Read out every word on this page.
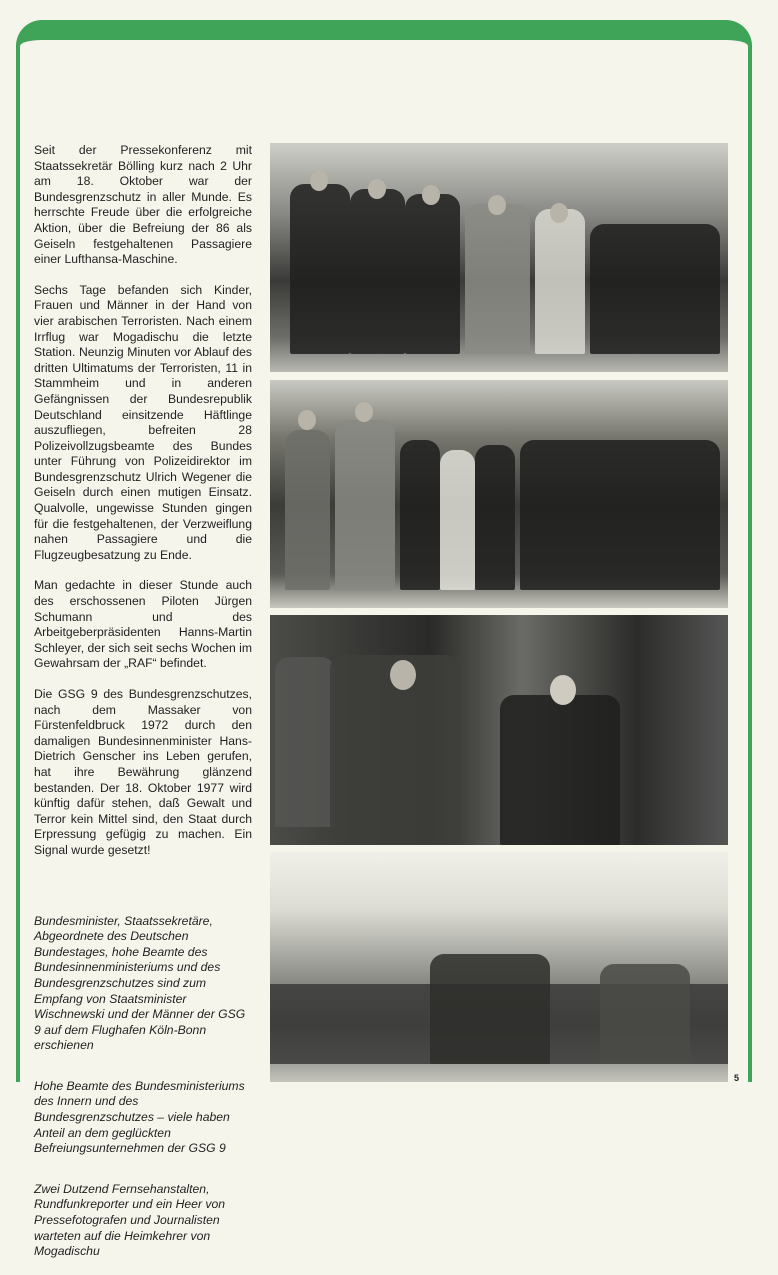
Seit der Pressekonferenz mit Staatssekretär Bölling kurz nach 2 Uhr am 18. Oktober war der Bundesgrenzschutz in aller Munde. Es herrschte Freude über die erfolgreiche Aktion, über die Befreiung der 86 als Geiseln festgehaltenen Passagiere einer Lufthansa-Maschine.

Sechs Tage befanden sich Kinder, Frauen und Männer in der Hand von vier arabischen Terroristen. Nach einem Irrflug war Mogadischu die letzte Station. Neunzig Minuten vor Ablauf des dritten Ultimatums der Terroristen, 11 in Stammheim und in anderen Gefängnissen der Bundesrepublik Deutschland einsitzende Häftlinge auszufliegen, befreiten 28 Polizeivollzugsbeamte des Bundes unter Führung von Polizeidirektor im Bundesgrenzschutz Ulrich Wegener die Geiseln durch einen mutigen Einsatz. Qualvolle, ungewisse Stunden gingen für die festgehaltenen, der Verzweiflung nahen Passagiere und die Flugzeugbesatzung zu Ende.

Man gedachte in dieser Stunde auch des erschossenen Piloten Jürgen Schumann und des Arbeitgeberpräsidenten Hanns-Martin Schleyer, der sich seit sechs Wochen im Gewahrsam der „RAF“ befindet.

Die GSG 9 des Bundesgrenzschutzes, nach dem Massaker von Fürstenfeldbruck 1972 durch den damaligen Bundesinnenminister Hans-Dietrich Genscher ins Leben gerufen, hat ihre Bewährung glänzend bestanden. Der 18. Oktober 1977 wird künftig dafür stehen, daß Gewalt und Terror kein Mittel sind, den Staat durch Erpressung gefügig zu machen. Ein Signal wurde gesetzt!

Bundesminister, Staatssekretäre, Abgeordnete des Deutschen Bundestages, hohe Beamte des Bundesinnenministeriums und des Bundesgrenzschutzes sind zum Empfang von Staatsminister Wischnewski und der Männer der GSG 9 auf dem Flughafen Köln-Bonn erschienen

Hohe Beamte des Bundesministeriums des Innern und des Bundesgrenzschutzes – viele haben Anteil an dem geglückten Befreiungsunternehmen der GSG 9

Zwei Dutzend Fernsehanstalten, Rundfunkreporter und ein Heer von Pressefotografen und Journalisten warteten auf die Heimkehrer von Mogadischu

5
